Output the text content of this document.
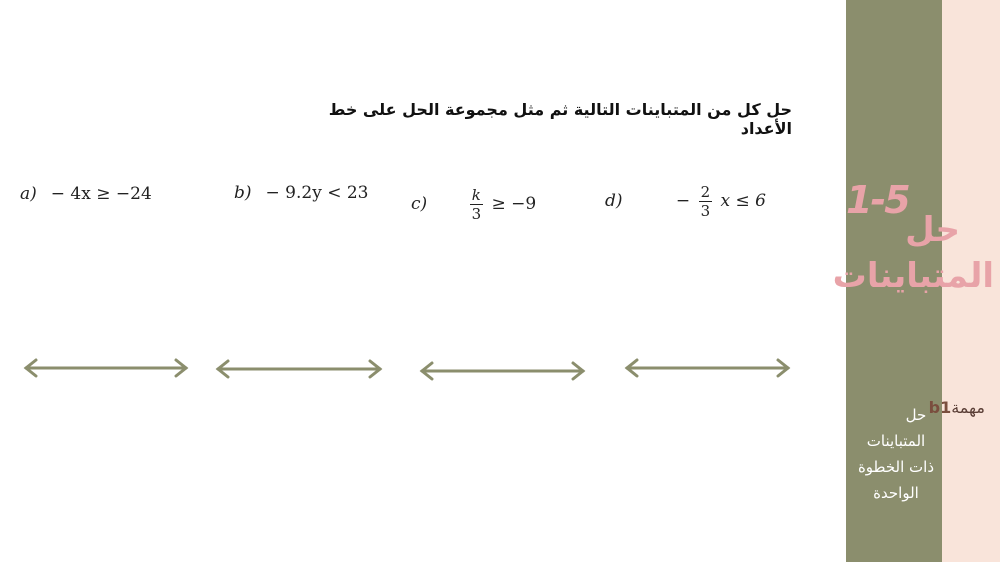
حل كل من المتباينات التالية ثم مثل مجموعة الحل على خط الأعداد
a) − 4x ≥ −24	b) − 9.2y < 23
c)	$\frac{k}{3} \ge -9$	d)	− $\frac{2}{3}$ x ≤ 6 1-5
حل
المتباينات
مهمةb1
حل
المتباينات
ذات الخطوة
الواحدة
